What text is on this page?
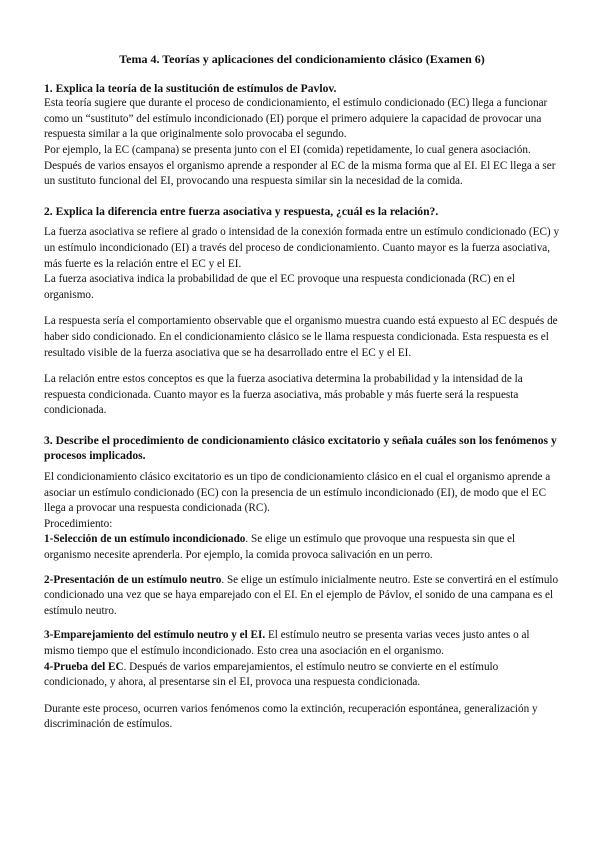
Tema 4. Teorías y aplicaciones del condicionamiento clásico (Examen 6)

1. Explica la teoría de la sustitución de estímulos de Pavlov.

Esta teoría sugiere que durante el proceso de condicionamiento, el estímulo condicionado (EC) llega a funcionar como un “sustituto” del estímulo incondicionado (EI) porque el primero adquiere la capacidad de provocar una respuesta similar a la que originalmente solo provocaba el segundo.

Por ejemplo, la EC (campana) se presenta junto con el EI (comida) repetidamente, lo cual genera asociación. Después de varios ensayos el organismo aprende a responder al EC de la misma forma que al EI. El EC llega a ser un sustituto funcional del EI, provocando una respuesta similar sin la necesidad de la comida.

2. Explica la diferencia entre fuerza asociativa y respuesta, ¿cuál es la relación?.

La fuerza asociativa se refiere al grado o intensidad de la conexión formada entre un estímulo condicionado (EC) y un estímulo incondicionado (EI) a través del proceso de condicionamiento. Cuanto mayor es la fuerza asociativa, más fuerte es la relación entre el EC y el EI.

La fuerza asociativa indica la probabilidad de que el EC provoque una respuesta condicionada (RC) en el organismo.

La respuesta sería el comportamiento observable que el organismo muestra cuando está expuesto al EC después de haber sido condicionado. En el condicionamiento clásico se le llama respuesta condicionada. Esta respuesta es el resultado visible de la fuerza asociativa que se ha desarrollado entre el EC y el EI.

La relación entre estos conceptos es que la fuerza asociativa determina la probabilidad y la intensidad de la respuesta condicionada. Cuanto mayor es la fuerza asociativa, más probable y más fuerte será la respuesta condicionada.

3. Describe el procedimiento de condicionamiento clásico excitatorio y señala cuáles son los fenómenos y procesos implicados.

El condicionamiento clásico excitatorio es un tipo de condicionamiento clásico en el cual el organismo aprende a asociar un estímulo condicionado (EC) con la presencia de un estímulo incondicionado (EI), de modo que el EC llega a provocar una respuesta condicionada (RC).

Procedimiento:

1-Selección de un estímulo incondicionado. Se elige un estímulo que provoque una respuesta sin que el organismo necesite aprenderla. Por ejemplo, la comida provoca salivación en un perro.

2-Presentación de un estímulo neutro. Se elige un estímulo inicialmente neutro. Este se convertirá en el estímulo condicionado una vez que se haya emparejado con el EI. En el ejemplo de Pávlov, el sonido de una campana es el estímulo neutro.

3-Emparejamiento del estímulo neutro y el EI. El estímulo neutro se presenta varias veces justo antes o al mismo tiempo que el estímulo incondicionado. Esto crea una asociación en el organismo.

4-Prueba del EC. Después de varios emparejamientos, el estímulo neutro se convierte en el estímulo condicionado, y ahora, al presentarse sin el EI, provoca una respuesta condicionada.

Durante este proceso, ocurren varios fenómenos como la extinción, recuperación espontánea, generalización y discriminación de estímulos.
